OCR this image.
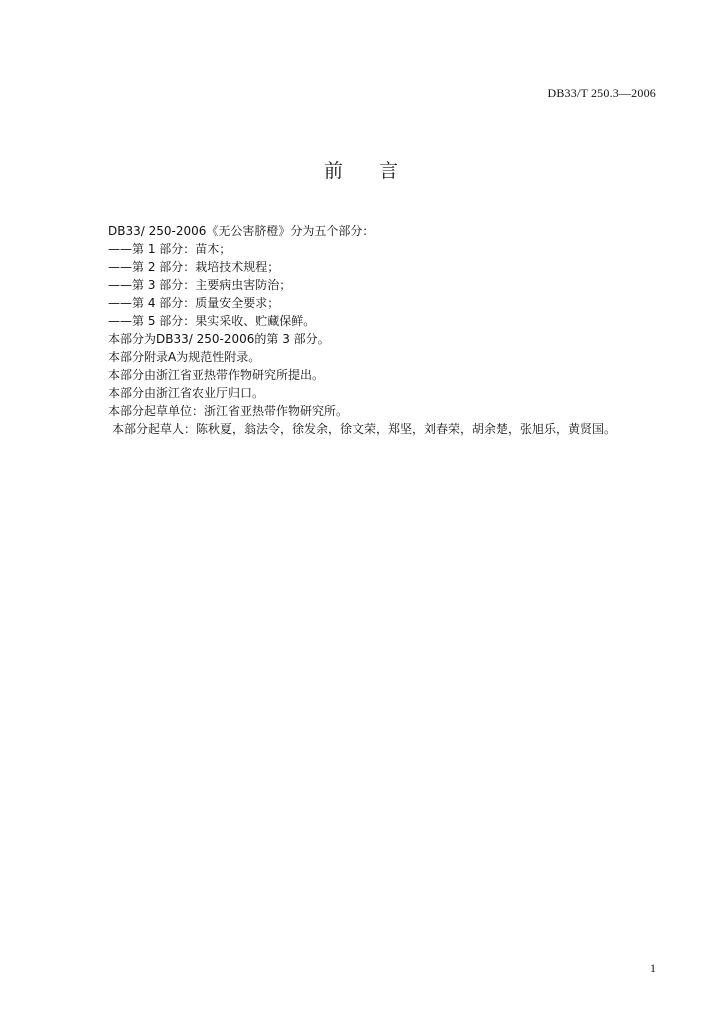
DB33/T 250.3—2006
前 言

DB33/ 250-2006《无公害脐橙》分为五个部分：

——第 1 部分：苗木；

——第 2 部分：栽培技术规程；

——第 3 部分：主要病虫害防治；

——第 4 部分：质量安全要求；

——第 5 部分：果实采收、贮藏保鲜。

本部分为DB33/ 250-2006的第 3 部分。

本部分附录A为规范性附录。

本部分由浙江省亚热带作物研究所提出。

本部分由浙江省农业厅归口。

本部分起草单位：浙江省亚热带作物研究所。

本部分起草人：陈秋夏，翁法令，徐发余，徐文荣，郑坚，刘春荣，胡余楚，张旭乐，黄贤国。

1
